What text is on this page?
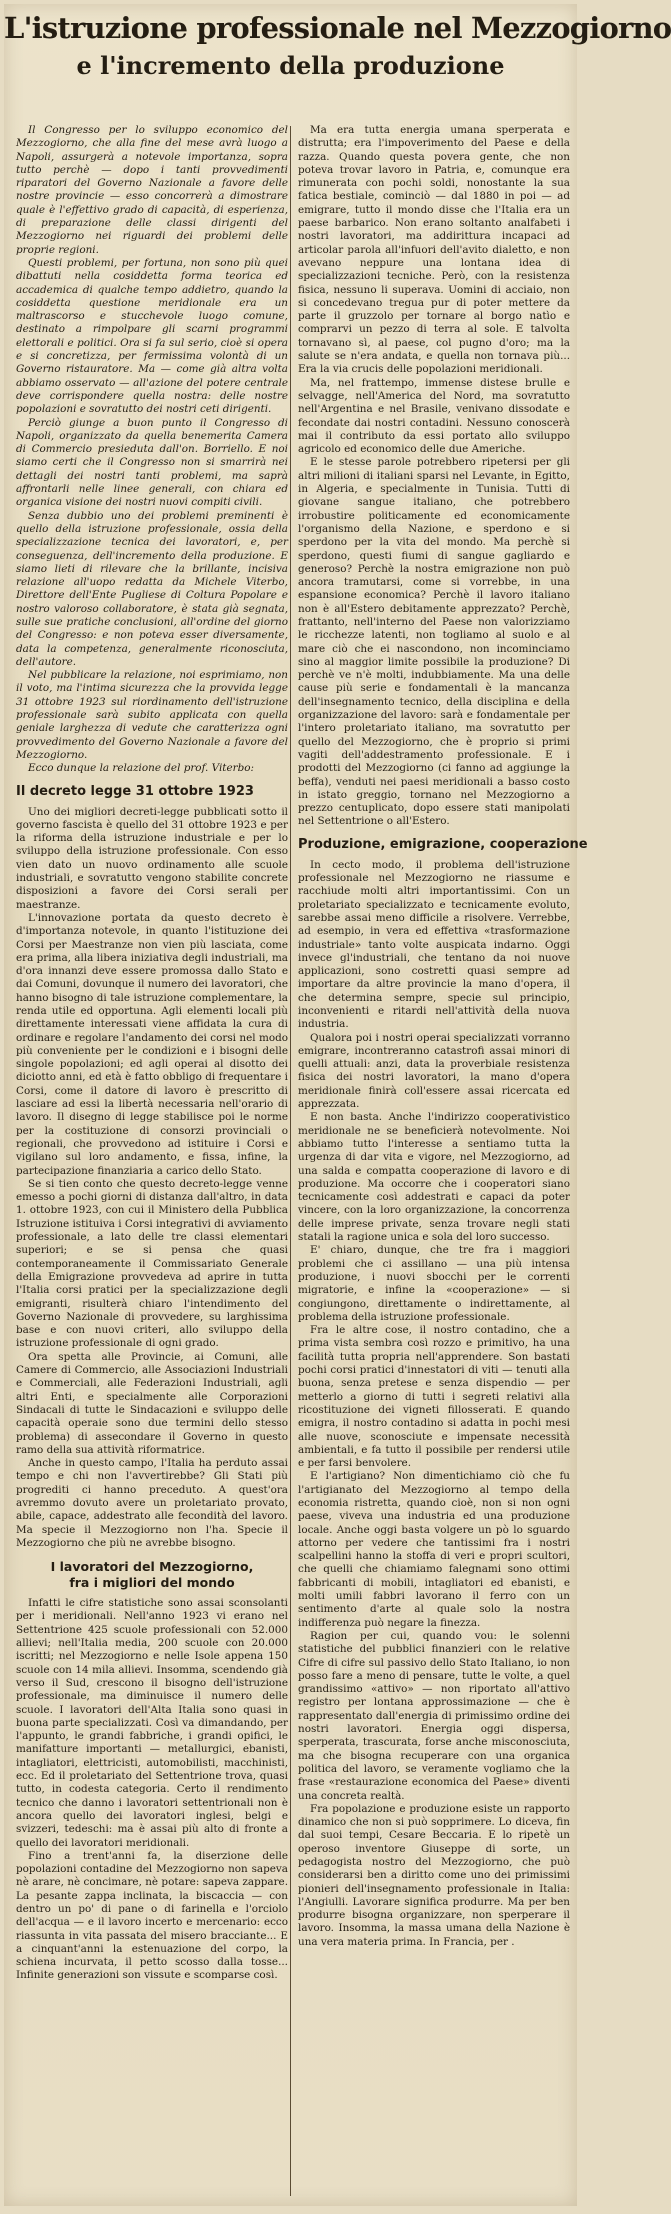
L'istruzione professionale nel Mezzogiorno
e l'incremento della produzione

Il Congresso per lo sviluppo economico del Mezzogiorno, che alla fine del mese avrà luogo a Napoli, assurgerà a notevole importanza, sopra tutto perchè — dopo i tanti provvedimenti riparatori del Governo Nazionale a favore delle nostre provincie — esso concorrerà a dimostrare quale è l'effettivo grado di capacità, di esperienza, di preparazione delle classi dirigenti del Mezzogiorno nei riguardi dei problemi delle proprie regioni.

Questi problemi, per fortuna, non sono più quei dibattuti nella cosiddetta forma teorica ed accademica di qualche tempo addietro, quando la cosiddetta questione meridionale era un maltrascorso e stucchevole luogo comune, destinato a rimpolpare gli scarni programmi elettorali e politici. Ora si fa sul serio, cioè si opera e si concretizza, per fermissima volontà di un Governo ristauratore. Ma — come già altra volta abbiamo osservato — all'azione del potere centrale deve corrispondere quella nostra: delle nostre popolazioni e sovratutto dei nostri ceti dirigenti.

Perciò giunge a buon punto il Congresso di Napoli, organizzato da quella benemerita Camera di Commercio presieduta dall'on. Borriello. E noi siamo certi che il Congresso non si smarrirà nei dettagli dei nostri tanti problemi, ma saprà affrontarli nelle linee generali, con chiara ed organica visione dei nostri nuovi compiti civili.

Senza dubbio uno dei problemi preminenti è quello della istruzione professionale, ossia della specializzazione tecnica dei lavoratori, e, per conseguenza, dell'incremento della produzione. E siamo lieti di rilevare che la brillante, incisiva relazione all'uopo redatta da Michele Viterbo, Direttore dell'Ente Pugliese di Coltura Popolare e nostro valoroso collaboratore, è stata già segnata, sulle sue pratiche conclusioni, all'ordine del giorno del Congresso: e non poteva esser diversamente, data la competenza, generalmente riconosciuta, dell'autore.

Nel pubblicare la relazione, noi esprimiamo, non il voto, ma l'intima sicurezza che la provvida legge 31 ottobre 1923 sul riordinamento dell'istruzione professionale sarà subito applicata con quella geniale larghezza di vedute che caratterizza ogni provvedimento del Governo Nazionale a favore del Mezzogiorno.

Ecco dunque la relazione del prof. Viterbo:

Il decreto legge 31 ottobre 1923

Uno dei migliori decreti-legge pubblicati sotto il governo fascista è quello del 31 ottobre 1923 e per la riforma della istruzione industriale e per lo sviluppo della istruzione professionale. Con esso vien dato un nuovo ordinamento alle scuole industriali, e sovratutto vengono stabilite concrete disposizioni a favore dei Corsi serali per maestranze.

L'innovazione portata da questo decreto è d'importanza notevole, in quanto l'istituzione dei Corsi per Maestranze non vien più lasciata, come era prima, alla libera iniziativa degli industriali, ma d'ora innanzi deve essere promossa dallo Stato e dai Comuni, dovunque il numero dei lavoratori, che hanno bisogno di tale istruzione complementare, la renda utile ed opportuna. Agli elementi locali più direttamente interessati viene affidata la cura di ordinare e regolare l'andamento dei corsi nel modo più conveniente per le condizioni e i bisogni delle singole popolazioni; ed agli operai al disotto dei diciotto anni, ed età è fatto obbligo di frequentare i Corsi, come il datore di lavoro è prescritto di lasciare ad essi la libertà necessaria nell'orario di lavoro. Il disegno di legge stabilisce poi le norme per la costituzione di consorzi provinciali o regionali, che provvedono ad istituire i Corsi e vigilano sul loro andamento, e fissa, infine, la partecipazione finanziaria a carico dello Stato.

Se si tien conto che questo decreto-legge venne emesso a pochi giorni di distanza dall'altro, in data 1. ottobre 1923, con cui il Ministero della Pubblica Istruzione istituiva i Corsi integrativi di avviamento professionale, a lato delle tre classi elementari superiori; e se si pensa che quasi contemporaneamente il Commissariato Generale della Emigrazione provvedeva ad aprire in tutta l'Italia corsi pratici per la specializzazione degli emigranti, risulterà chiaro l'intendimento del Governo Nazionale di provvedere, su larghissima base e con nuovi criteri, allo sviluppo della istruzione professionale di ogni grado.

Ora spetta alle Provincie, ai Comuni, alle Camere di Commercio, alle Associazioni Industriali e Commerciali, alle Federazioni Industriali, agli altri Enti, e specialmente alle Corporazioni Sindacali di tutte le Sindacazioni e sviluppo delle capacità operaie sono due termini dello stesso problema) di assecondare il Governo in questo ramo della sua attività riformatrice.

Anche in questo campo, l'Italia ha perduto assai tempo e chi non l'avvertirebbe? Gli Stati più progrediti ci hanno preceduto. A quest'ora avremmo dovuto avere un proletariato provato, abile, capace, addestrato alle fecondità del lavoro. Ma specie il Mezzogiorno non l'ha. Specie il Mezzogiorno che più ne avrebbe bisogno.

I lavoratori del Mezzogiorno,
fra i migliori del mondo

Infatti le cifre statistiche sono assai sconsolanti per i meridionali. Nell'anno 1923 vi erano nel Settentrione 425 scuole professionali con 52.000 allievi; nell'Italia media, 200 scuole con 20.000 iscritti; nel Mezzogiorno e nelle Isole appena 150 scuole con 14 mila allievi. Insomma, scendendo già verso il Sud, crescono il bisogno dell'istruzione professionale, ma diminuisce il numero delle scuole. I lavoratori dell'Alta Italia sono quasi in buona parte specializzati. Così va dimandando, per l'appunto, le grandi fabbriche, i grandi opifici, le manifatture importanti — metallurgici, ebanisti, intagliatori, elettricisti, automobilisti, macchinisti, ecc. Ed il proletariato del Settentrione trova, quasi tutto, in codesta categoria. Certo il rendimento tecnico che danno i lavoratori settentrionali non è ancora quello dei lavoratori inglesi, belgi e svizzeri, tedeschi: ma è assai più alto di fronte a quello dei lavoratori meridionali.

Fino a trent'anni fa, la diserzione delle popolazioni contadine del Mezzogiorno non sapeva nè arare, nè concimare, nè potare: sapeva zappare. La pesante zappa inclinata, la biscaccia — con dentro un po' di pane o di farinella e l'orciolo dell'acqua — e il lavoro incerto e mercenario: ecco riassunta in vita passata del misero bracciante... E a cinquant'anni la estenuazione del corpo, la schiena incurvata, il petto scosso dalla tosse... Infinite generazioni son vissute e scomparse così.

Ma era tutta energia umana sperperata e distrutta; era l'impoverimento del Paese e della razza. Quando questa povera gente, che non poteva trovar lavoro in Patria, e, comunque era rimunerata con pochi soldi, nonostante la sua fatica bestiale, cominciò — dal 1880 in poi — ad emigrare, tutto il mondo disse che l'Italia era un paese barbarico. Non erano soltanto analfabeti i nostri lavoratori, ma addirittura incapaci ad articolar parola all'infuori dell'avito dialetto, e non avevano neppure una lontana idea di specializzazioni tecniche. Però, con la resistenza fisica, nessuno li superava. Uomini di acciaio, non si concedevano tregua pur di poter mettere da parte il gruzzolo per tornare al borgo natìo e comprarvi un pezzo di terra al sole. E talvolta tornavano sì, al paese, col pugno d'oro; ma la salute se n'era andata, e quella non tornava più... Era la via crucis delle popolazioni meridionali.

Ma, nel frattempo, immense distese brulle e selvagge, nell'America del Nord, ma sovratutto nell'Argentina e nel Brasile, venivano dissodate e fecondate dai nostri contadini. Nessuno conoscerà mai il contributo da essi portato allo sviluppo agricolo ed economico delle due Americhe.

E le stesse parole potrebbero ripetersi per gli altri milioni di italiani sparsi nel Levante, in Egitto, in Algeria, e specialmente in Tunisia. Tutti di giovane sangue italiano, che potrebbero irrobustire politicamente ed economicamente l'organismo della Nazione, e sperdono e si sperdono per la vita del mondo. Ma perchè si sperdono, questi fiumi di sangue gagliardo e generoso? Perchè la nostra emigrazione non può ancora tramutarsi, come si vorrebbe, in una espansione economica? Perchè il lavoro italiano non è all'Estero debitamente apprezzato? Perchè, frattanto, nell'interno del Paese non valorizziamo le ricchezze latenti, non togliamo al suolo e al mare ciò che ei nascondono, non incominciamo sino al maggior limite possibile la produzione? Di perchè ve n'è molti, indubbiamente. Ma una delle cause più serie e fondamentali è la mancanza dell'insegnamento tecnico, della disciplina e della organizzazione del lavoro: sarà e fondamentale per l'intero proletariato italiano, ma sovratutto per quello del Mezzogiorno, che è proprio si primi vagiti dell'addestramento professionale. E i prodotti del Mezzogiorno (ci fanno ad aggiunge la beffa), venduti nei paesi meridionali a basso costo in istato greggio, tornano nel Mezzogiorno a prezzo centuplicato, dopo essere stati manipolati nel Settentrione o all'Estero.

Produzione, emigrazione, cooperazione

In cecto modo, il problema dell'istruzione professionale nel Mezzogiorno ne riassume e racchiude molti altri importantissimi. Con un proletariato specializzato e tecnicamente evoluto, sarebbe assai meno difficile a risolvere. Verrebbe, ad esempio, in vera ed effettiva «trasformazione industriale» tanto volte auspicata indarno. Oggi invece gl'industriali, che tentano da noi nuove applicazioni, sono costretti quasi sempre ad importare da altre provincie la mano d'opera, il che determina sempre, specie sul principio, inconvenienti e ritardi nell'attività della nuova industria.

Qualora poi i nostri operai specializzati vorranno emigrare, incontreranno catastrofi assai minori di quelli attuali: anzi, data la proverbiale resistenza fisica dei nostri lavoratori, la mano d'opera meridionale finirà coll'essere assai ricercata ed apprezzata.

E non basta. Anche l'indirizzo cooperativistico meridionale ne se beneficierà notevolmente. Noi abbiamo tutto l'interesse a sentiamo tutta la urgenza di dar vita e vigore, nel Mezzogiorno, ad una salda e compatta cooperazione di lavoro e di produzione. Ma occorre che i cooperatori siano tecnicamente così addestrati e capaci da poter vincere, con la loro organizzazione, la concorrenza delle imprese private, senza trovare negli stati statali la ragione unica e sola del loro successo.

E' chiaro, dunque, che tre fra i maggiori problemi che ci assillano — una più intensa produzione, i nuovi sbocchi per le correnti migratorie, e infine la «cooperazione» — si congiungono, direttamente o indirettamente, al problema della istruzione professionale.

Fra le altre cose, il nostro contadino, che a prima vista sembra così rozzo e primitivo, ha una facilità tutta propria nell'apprendere. Son bastati pochi corsi pratici d'innestatori di viti — tenuti alla buona, senza pretese e senza dispendio — per metterlo a giorno di tutti i segreti relativi alla ricostituzione dei vigneti fillosserati. E quando emigra, il nostro contadino si adatta in pochi mesi alle nuove, sconosciute e impensate necessità ambientali, e fa tutto il possibile per rendersi utile e per farsi benvolere.

E l'artigiano? Non dimentichiamo ciò che fu l'artigianato del Mezzogiorno al tempo della economia ristretta, quando cioè, non si non ogni paese, viveva una industria ed una produzione locale. Anche oggi basta volgere un pò lo sguardo attorno per vedere che tantissimi fra i nostri scalpellini hanno la stoffa di veri e propri scultori, che quelli che chiamiamo falegnami sono ottimi fabbricanti di mobili, intagliatori ed ebanisti, e molti umili fabbri lavorano il ferro con un sentimento d'arte al quale solo la nostra indifferenza può negare la finezza.

Ragion per cui, quando vou: le solenni statistiche del pubblici finanzieri con le relative Cifre di cifre sul passivo dello Stato Italiano, io non posso fare a meno di pensare, tutte le volte, a quel grandissimo «attivo» — non riportato all'attivo registro per lontana approssimazione — che è rappresentato dall'energia di primissimo ordine dei nostri lavoratori. Energia oggi dispersa, sperperata, trascurata, forse anche misconosciuta, ma che bisogna recuperare con una organica politica del lavoro, se veramente vogliamo che la frase «restaurazione economica del Paese» diventi una concreta realtà.

Fra popolazione e produzione esiste un rapporto dinamico che non si può sopprimere. Lo diceva, fin dal suoi tempi, Cesare Beccaria. E lo ripetè un operoso inventore Giuseppe di sorte, un pedagogista nostro del Mezzogiorno, che può considerarsi ben a diritto come uno dei primissimi pionieri dell'insegnamento professionale in Italia: l'Angiulli. Lavorare significa produrre. Ma per ben produrre bisogna organizzare, non sperperare il lavoro. Insomma, la massa umana della Nazione è una vera materia prima. In Francia, per .
